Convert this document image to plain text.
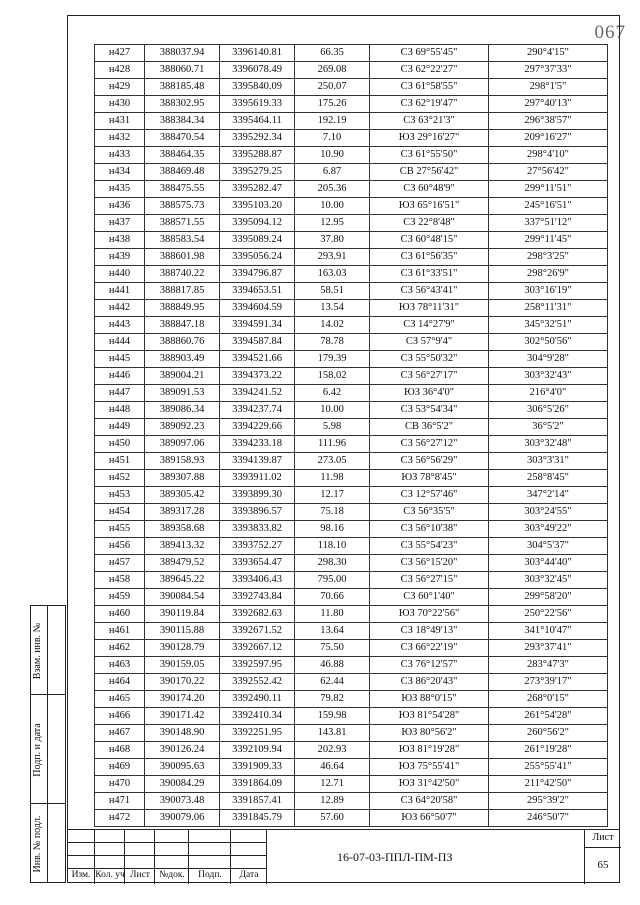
067
н427	388037.94	3396140.81	66.35	СЗ 69°55'45"	290°4'15"
н428	388060.71	3396078.49	269.08	СЗ 62°22'27"	297°37'33"
н429	388185.48	3395840.09	250.07	СЗ 61°58'55"	298°1'5"
н430	388302.95	3395619.33	175.26	СЗ 62°19'47"	297°40'13"
н431	388384.34	3395464.11	192.19	СЗ 63°21'3"	296°38'57"
н432	388470.54	3395292.34	7.10	ЮЗ 29°16'27"	209°16'27"
н433	388464.35	3395288.87	10.90	СЗ 61°55'50"	298°4'10"
н434	388469.48	3395279.25	6.87	СВ 27°56'42"	27°56'42"
н435	388475.55	3395282.47	205.36	СЗ 60°48'9"	299°11'51"
н436	388575.73	3395103.20	10.00	ЮЗ 65°16'51"	245°16'51"
н437	388571.55	3395094.12	12.95	СЗ 22°8'48"	337°51'12"
н438	388583.54	3395089.24	37.80	СЗ 60°48'15"	299°11'45"
н439	388601.98	3395056.24	293.91	СЗ 61°56'35"	298°3'25"
н440	388740.22	3394796.87	163.03	СЗ 61°33'51"	298°26'9"
н441	388817.85	3394653.51	58.51	СЗ 56°43'41"	303°16'19"
н442	388849.95	3394604.59	13.54	ЮЗ 78°11'31"	258°11'31"
н443	388847.18	3394591.34	14.02	СЗ 14°27'9"	345°32'51"
н444	388860.76	3394587.84	78.78	СЗ 57°9'4"	302°50'56"
н445	388903.49	3394521.66	179.39	СЗ 55°50'32"	304°9'28"
н446	389004.21	3394373.22	158.02	СЗ 56°27'17"	303°32'43"
н447	389091.53	3394241.52	6.42	ЮЗ 36°4'0"	216°4'0"
н448	389086.34	3394237.74	10.00	СЗ 53°54'34"	306°5'26"
н449	389092.23	3394229.66	5.98	СВ 36°5'2"	36°5'2"
н450	389097.06	3394233.18	111.96	СЗ 56°27'12"	303°32'48"
н451	389158.93	3394139.87	273.05	СЗ 56°56'29"	303°3'31"
н452	389307.88	3393911.02	11.98	ЮЗ 78°8'45"	258°8'45"
н453	389305.42	3393899.30	12.17	СЗ 12°57'46"	347°2'14"
н454	389317.28	3393896.57	75.18	СЗ 56°35'5"	303°24'55"
н455	389358.68	3393833.82	98.16	СЗ 56°10'38"	303°49'22"
н456	389413.32	3393752.27	118.10	СЗ 55°54'23"	304°5'37"
н457	389479.52	3393654.47	298.30	СЗ 56°15'20"	303°44'40"
н458	389645.22	3393406.43	795.00	СЗ 56°27'15"	303°32'45"
н459	390084.54	3392743.84	70.66	СЗ 60°1'40"	299°58'20"
н460	390119.84	3392682.63	11.80	ЮЗ 70°22'56"	250°22'56"
н461	390115.88	3392671.52	13.64	СЗ 18°49'13"	341°10'47"
н462	390128.79	3392667.12	75.50	СЗ 66°22'19"	293°37'41"
н463	390159.05	3392597.95	46.88	СЗ 76°12'57"	283°47'3"
н464	390170.22	3392552.42	62.44	СЗ 86°20'43"	273°39'17"
н465	390174.20	3392490.11	79.82	ЮЗ 88°0'15"	268°0'15"
н466	390171.42	3392410.34	159.98	ЮЗ 81°54'28"	261°54'28"
н467	390148.90	3392251.95	143.81	ЮЗ 80°56'2"	260°56'2"
н468	390126.24	3392109.94	202.93	ЮЗ 81°19'28"	261°19'28"
н469	390095.63	3391909.33	46.64	ЮЗ 75°55'41"	255°55'41"
н470	390084.29	3391864.09	12.71	ЮЗ 31°42'50"	211°42'50"
н471	390073.48	3391857.41	12.89	СЗ 64°20'58"	295°39'2"
н472	390079.06	3391845.79	57.60	ЮЗ 66°50'7"	246°50'7"
Взам. инв. №
Подп. и дата
Инв. № подл.
Изм. Кол. уч Лист №док.	Подп.	Дата
16-07-03-ППЛ-ПМ-ПЗ
Лист
65
